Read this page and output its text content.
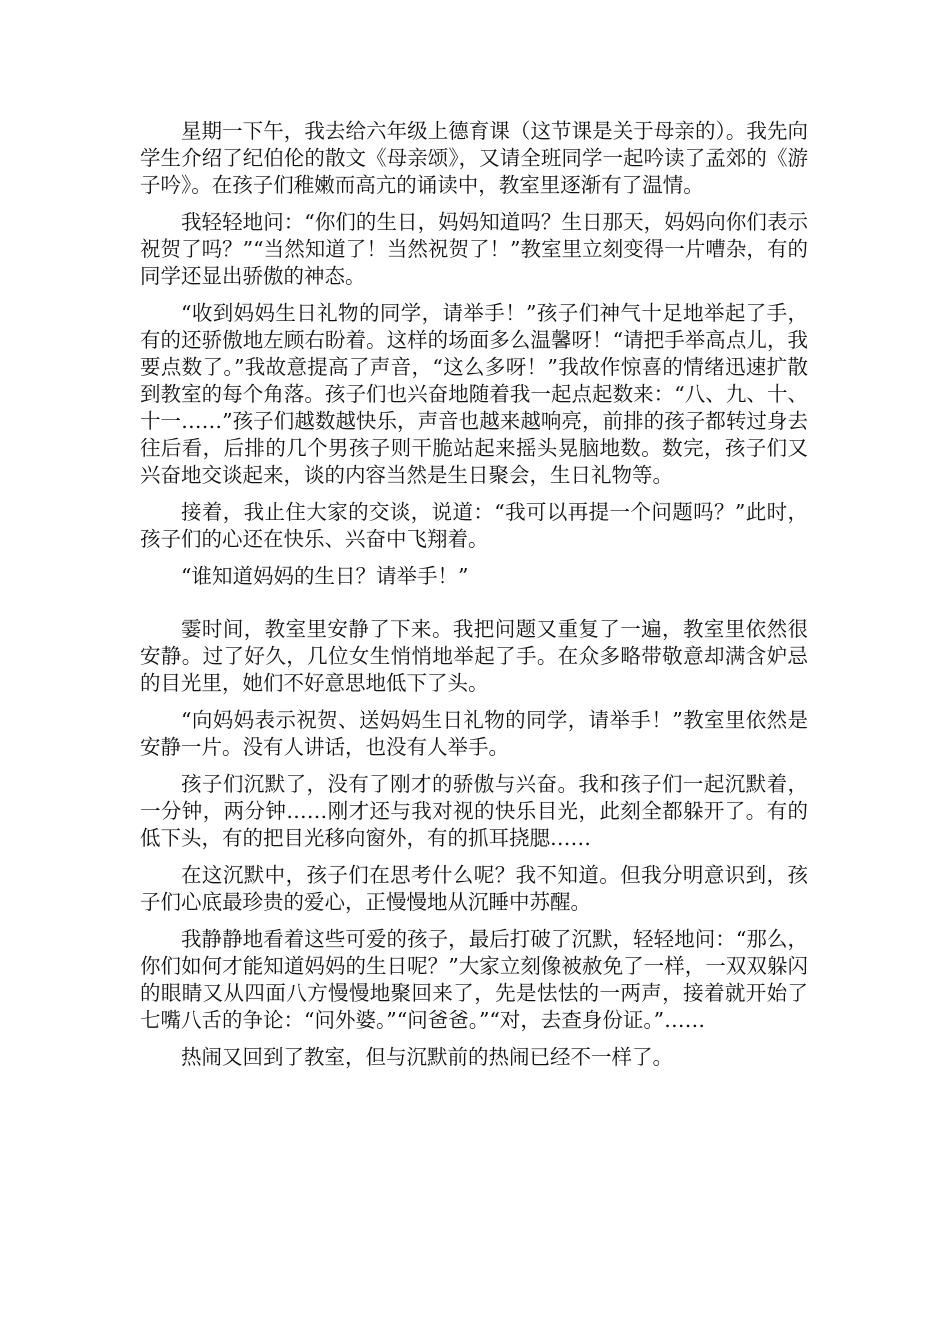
星期一下午，我去给六年级上德育课（这节课是关于母亲的）。我先向学生介绍了纪伯伦的散文《母亲颂》，又请全班同学一起吟读了孟郊的《游子吟》。在孩子们稚嫩而高亢的诵读中，教室里逐渐有了温情。

我轻轻地问：“你们的生日，妈妈知道吗？生日那天，妈妈向你们表示祝贺了吗？”“当然知道了！当然祝贺了！”教室里立刻变得一片嘈杂，有的同学还显出骄傲的神态。

“收到妈妈生日礼物的同学，请举手！”孩子们神气十足地举起了手，有的还骄傲地左顾右盼着。这样的场面多么温馨呀！“请把手举高点儿，我要点数了。”我故意提高了声音，“这么多呀！”我故作惊喜的情绪迅速扩散到教室的每个角落。孩子们也兴奋地随着我一起点起数来：“八、九、十、十一……”孩子们越数越快乐，声音也越来越响亮，前排的孩子都转过身去往后看，后排的几个男孩子则干脆站起来摇头晃脑地数。数完，孩子们又兴奋地交谈起来，谈的内容当然是生日聚会，生日礼物等。

接着，我止住大家的交谈，说道：“我可以再提一个问题吗？”此时，孩子们的心还在快乐、兴奋中飞翔着。

“谁知道妈妈的生日？请举手！”

霎时间，教室里安静了下来。我把问题又重复了一遍，教室里依然很安静。过了好久，几位女生悄悄地举起了手。在众多略带敬意却满含妒忌的目光里，她们不好意思地低下了头。

“向妈妈表示祝贺、送妈妈生日礼物的同学，请举手！”教室里依然是安静一片。没有人讲话，也没有人举手。

孩子们沉默了，没有了刚才的骄傲与兴奋。我和孩子们一起沉默着，一分钟，两分钟……刚才还与我对视的快乐目光，此刻全都躲开了。有的低下头，有的把目光移向窗外，有的抓耳挠腮……

在这沉默中，孩子们在思考什么呢？我不知道。但我分明意识到，孩子们心底最珍贵的爱心，正慢慢地从沉睡中苏醒。

我静静地看着这些可爱的孩子，最后打破了沉默，轻轻地问：“那么，你们如何才能知道妈妈的生日呢？”大家立刻像被赦免了一样，一双双躲闪的眼睛又从四面八方慢慢地聚回来了，先是怯怯的一两声，接着就开始了七嘴八舌的争论：“问外婆。”“问爸爸。”“对，去查身份证。”……

热闹又回到了教室，但与沉默前的热闹已经不一样了。
